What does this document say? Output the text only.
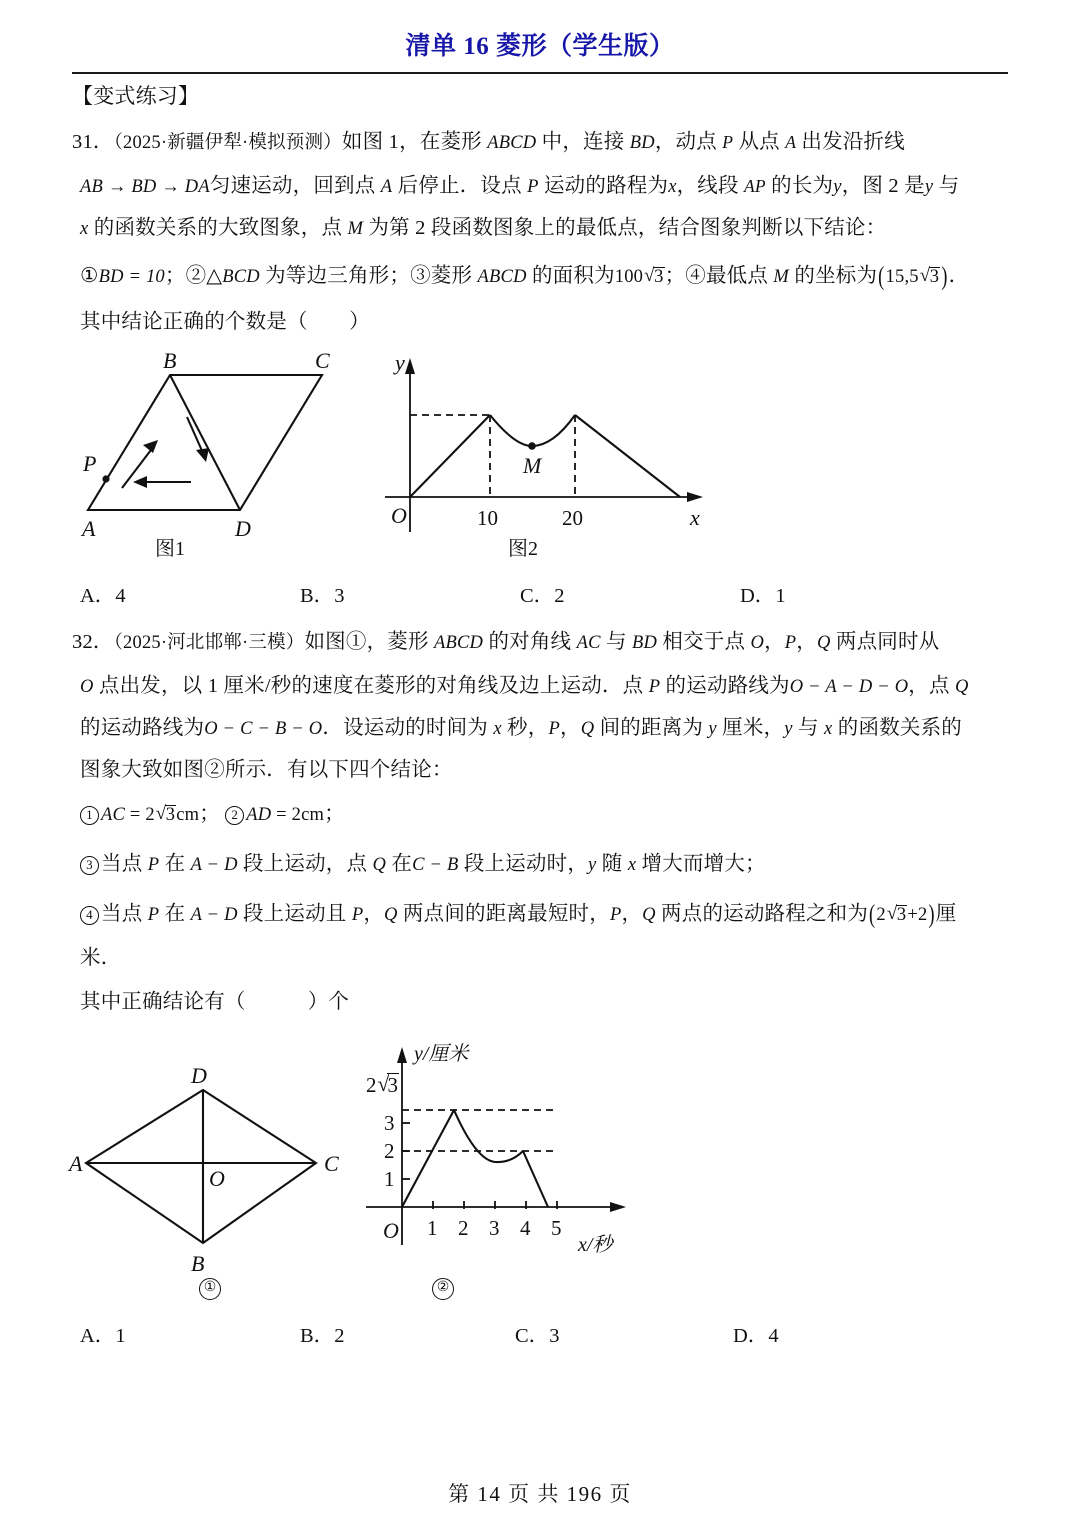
清单 16 菱形（学生版）
【变式练习】
31．（2025·新疆伊犁·模拟预测）如图 1，在菱形 ABCD 中，连接 BD，动点 P 从点 A 出发沿折线
AB → BD → DA匀速运动，回到点 A 后停止．设点 P 运动的路程为x，线段 AP 的长为y，图 2 是y 与
x 的函数关系的大致图象，点 M 为第 2 段函数图象上的最低点，结合图象判断以下结论：
①BD = 10；②△BCD 为等边三角形；③菱形 ABCD 的面积为100 √ 3；④最低点 M 的坐标为(15,5 √ 3 )．
其中结论正确的个数是（　　）
P
A	D
B	C
图1
M
O
y
x
10	20
图2
A．4	B．3	C．2	D．1
32．（2025·河北邯郸·三模）如图①，菱形 ABCD 的对角线 AC 与 BD 相交于点 O，P，Q 两点同时从
O 点出发，以 1 厘米/秒的速度在菱形的对角线及边上运动．点 P 的运动路线为O − A − D − O，点 Q
的运动路线为O − C − B − O．设运动的时间为 x 秒，P，Q 间的距离为 y 厘米，y 与 x 的函数关系的
图象大致如图②所示．有以下四个结论：
1 AC = 2 √ 3cm； 2 AD = 2cm；
3 当点 P 在 A − D 段上运动，点 Q 在C − B 段上运动时，y 随 x 增大而增大；
4 当点 P 在 A − D 段上运动且 P，Q 两点间的距离最短时，P，Q 两点的运动路程之和为(2 √ 3+2)厘
米．
其中正确结论有（　　　）个
D
B
A	C
O
①
O 1 2 3 4 5
1
2
3
2 √ 3
y/厘米
x/秒
②
A．1	B．2	C．3	D．4
第 14 页 共 196 页
